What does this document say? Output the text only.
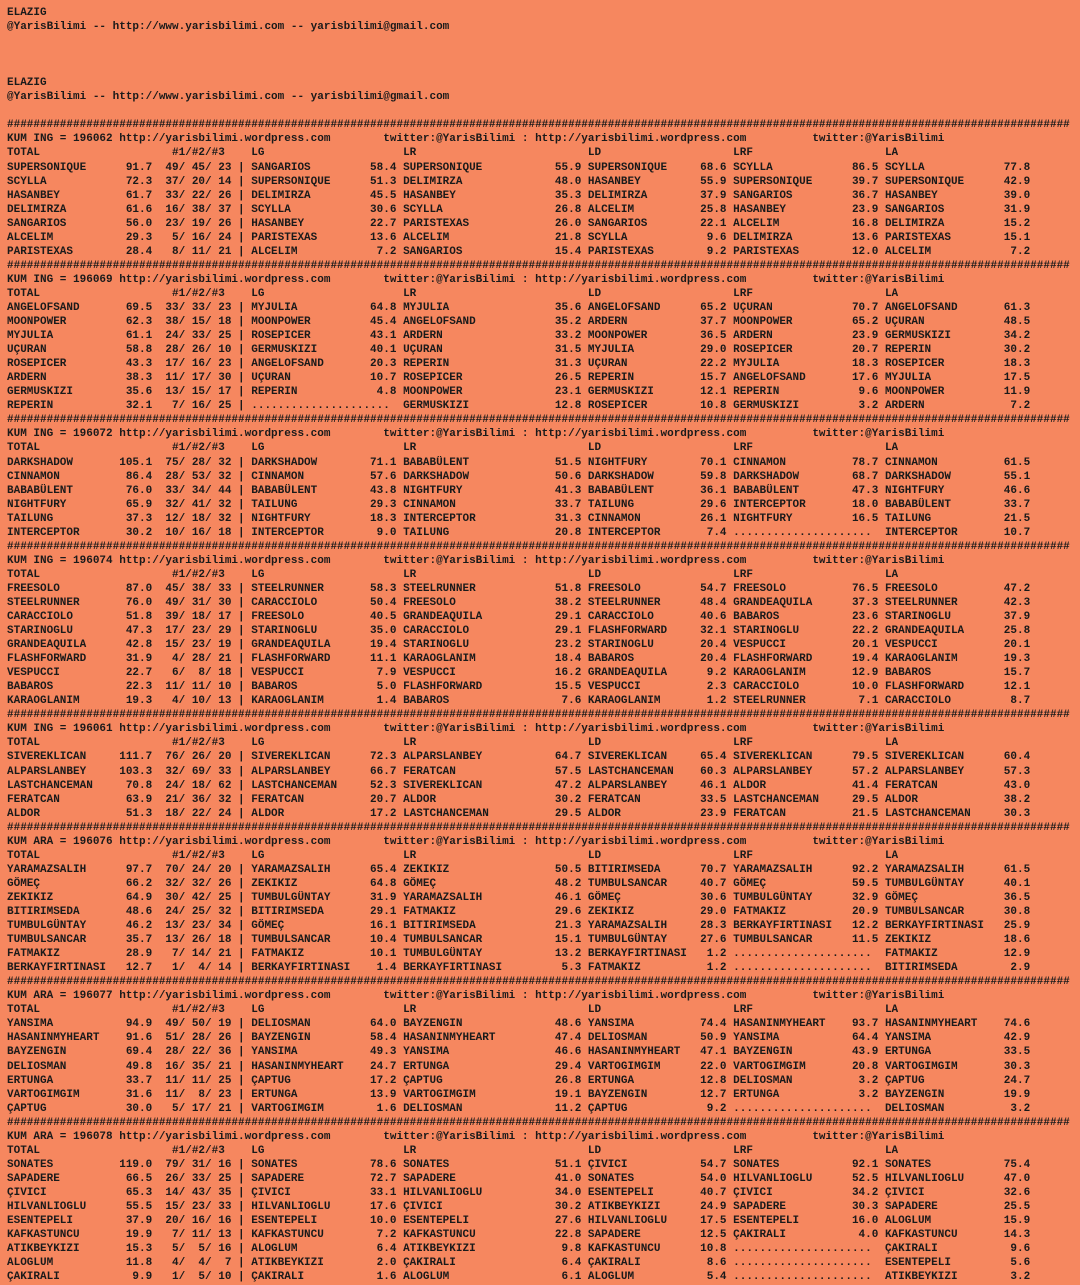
ELAZIG
@YarisBilimi -- http://www.yarisbilimi.com -- yarisbilimi@gmail.com
ELAZIG
@YarisBilimi -- http://www.yarisbilimi.com -- yarisbilimi@gmail.com
#################################################################################################################################################################
KUM ING = 196062 http://yarisbilimi.wordpress.com        twitter:@YarisBilimi : http://yarisbilimi.wordpress.com          twitter:@YarisBilimi
TOTAL                    #1/#2/#3    LG                     LR                          LD                    LRF                    LA
SUPERSONIQUE      91.7  49/ 45/ 23 | SANGARIOS         58.4 SUPERSONIQUE           55.9 SUPERSONIQUE     68.6 SCYLLA            86.5 SCYLLA            77.8
SCYLLA            72.3  37/ 20/ 14 | SUPERSONIQUE      51.3 DELIMIRZA              48.0 HASANBEY         55.9 SUPERSONIQUE      39.7 SUPERSONIQUE      42.9
HASANBEY          61.7  33/ 22/ 26 | DELIMIRZA         45.5 HASANBEY               35.3 DELIMIRZA        37.9 SANGARIOS         36.7 HASANBEY          39.0
DELIMIRZA         61.6  16/ 38/ 37 | SCYLLA            30.6 SCYLLA                 26.8 ALCELIM          25.8 HASANBEY          23.9 SANGARIOS         31.9
SANGARIOS         56.0  23/ 19/ 26 | HASANBEY          22.7 PARISTEXAS             26.0 SANGARIOS        22.1 ALCELIM           16.8 DELIMIRZA         15.2
ALCELIM           29.3   5/ 16/ 24 | PARISTEXAS        13.6 ALCELIM                21.8 SCYLLA            9.6 DELIMIRZA         13.6 PARISTEXAS        15.1
PARISTEXAS        28.4   8/ 11/ 21 | ALCELIM            7.2 SANGARIOS              15.4 PARISTEXAS        9.2 PARISTEXAS        12.0 ALCELIM            7.2
#################################################################################################################################################################
KUM ING = 196069 http://yarisbilimi.wordpress.com        twitter:@YarisBilimi : http://yarisbilimi.wordpress.com          twitter:@YarisBilimi
TOTAL                    #1/#2/#3    LG                     LR                          LD                    LRF                    LA
ANGELOFSAND       69.5  33/ 33/ 23 | MYJULIA           64.8 MYJULIA                35.6 ANGELOFSAND      65.2 UÇURAN            70.7 ANGELOFSAND       61.3
MOONPOWER         62.3  38/ 15/ 18 | MOONPOWER         45.4 ANGELOFSAND            35.2 ARDERN           37.7 MOONPOWER         65.2 UÇURAN            48.5
MYJULIA           61.1  24/ 33/ 25 | ROSEPICER         43.1 ARDERN                 33.2 MOONPOWER        36.5 ARDERN            23.9 GERMUSKIZI        34.2
UÇURAN            58.8  28/ 26/ 10 | GERMUSKIZI        40.1 UÇURAN                 31.5 MYJULIA          29.0 ROSEPICER         20.7 REPERIN           30.2
ROSEPICER         43.3  17/ 16/ 23 | ANGELOFSAND       20.3 REPERIN                31.3 UÇURAN           22.2 MYJULIA           18.3 ROSEPICER         18.3
ARDERN            38.3  11/ 17/ 30 | UÇURAN            10.7 ROSEPICER              26.5 REPERIN          15.7 ANGELOFSAND       17.6 MYJULIA           17.5
GERMUSKIZI        35.6  13/ 15/ 17 | REPERIN            4.8 MOONPOWER              23.1 GERMUSKIZI       12.1 REPERIN            9.6 MOONPOWER         11.9
REPERIN           32.1   7/ 16/ 25 | .....................  GERMUSKIZI             12.8 ROSEPICER        10.8 GERMUSKIZI         3.2 ARDERN             7.2
#################################################################################################################################################################
KUM ING = 196072 http://yarisbilimi.wordpress.com        twitter:@YarisBilimi : http://yarisbilimi.wordpress.com          twitter:@YarisBilimi
TOTAL                    #1/#2/#3    LG                     LR                          LD                    LRF                    LA
DARKSHADOW       105.1  75/ 28/ 32 | DARKSHADOW        71.1 BABABÜLENT             51.5 NIGHTFURY        70.1 CINNAMON          78.7 CINNAMON          61.5
CINNAMON          86.4  28/ 53/ 32 | CINNAMON          57.6 DARKSHADOW             50.6 DARKSHADOW       59.8 DARKSHADOW        68.7 DARKSHADOW        55.1
BABABÜLENT        76.0  33/ 34/ 44 | BABABÜLENT        43.8 NIGHTFURY              41.3 BABABÜLENT       36.1 BABABÜLENT        47.3 NIGHTFURY         46.6
NIGHTFURY         65.9  32/ 41/ 32 | TAILUNG           29.3 CINNAMON               33.7 TAILUNG          29.6 INTERCEPTOR       18.0 BABABÜLENT        33.7
TAILUNG           37.3  12/ 18/ 32 | NIGHTFURY         18.3 INTERCEPTOR            31.3 CINNAMON         26.1 NIGHTFURY         16.5 TAILUNG           21.5
INTERCEPTOR       30.2  10/ 16/ 18 | INTERCEPTOR        9.0 TAILUNG                20.8 INTERCEPTOR       7.4 .....................  INTERCEPTOR       10.7
#################################################################################################################################################################
KUM ING = 196074 http://yarisbilimi.wordpress.com        twitter:@YarisBilimi : http://yarisbilimi.wordpress.com          twitter:@YarisBilimi
TOTAL                    #1/#2/#3    LG                     LR                          LD                    LRF                    LA
FREESOLO          87.0  45/ 38/ 33 | STEELRUNNER       58.3 STEELRUNNER            51.8 FREESOLO         54.7 FREESOLO          76.5 FREESOLO          47.2
STEELRUNNER       76.0  49/ 31/ 30 | CARACCIOLO        50.4 FREESOLO               38.2 STEELRUNNER      48.4 GRANDEAQUILA      37.3 STEELRUNNER       42.3
CARACCIOLO        51.8  39/ 18/ 17 | FREESOLO          40.5 GRANDEAQUILA           29.1 CARACCIOLO       40.6 BABAROS           23.6 STARINOGLU        37.9
STARINOGLU        47.3  17/ 23/ 29 | STARINOGLU        35.0 CARACCIOLO             29.1 FLASHFORWARD     32.1 STARINOGLU        22.2 GRANDEAQUILA      25.8
GRANDEAQUILA      42.8  15/ 23/ 19 | GRANDEAQUILA      19.4 STARINOGLU             23.2 STARINOGLU       20.4 VESPUCCI          20.1 VESPUCCI          20.1
FLASHFORWARD      31.9   4/ 28/ 21 | FLASHFORWARD      11.1 KARAOGLANIM            18.4 BABAROS          20.4 FLASHFORWARD      19.4 KARAOGLANIM       19.3
VESPUCCI          22.7   6/  8/ 18 | VESPUCCI           7.9 VESPUCCI               16.2 GRANDEAQUILA      9.2 KARAOGLANIM       12.9 BABAROS           15.7
BABAROS           22.3  11/ 11/ 10 | BABAROS            5.0 FLASHFORWARD           15.5 VESPUCCI          2.3 CARACCIOLO        10.0 FLASHFORWARD      12.1
KARAOGLANIM       19.3   4/ 10/ 13 | KARAOGLANIM        1.4 BABAROS                 7.6 KARAOGLANIM       1.2 STEELRUNNER        7.1 CARACCIOLO         8.7
#################################################################################################################################################################
KUM ING = 196061 http://yarisbilimi.wordpress.com        twitter:@YarisBilimi : http://yarisbilimi.wordpress.com          twitter:@YarisBilimi
TOTAL                    #1/#2/#3    LG                     LR                          LD                    LRF                    LA
SIVEREKLICAN     111.7  76/ 26/ 20 | SIVEREKLICAN      72.3 ALPARSLANBEY           64.7 SIVEREKLICAN     65.4 SIVEREKLICAN      79.5 SIVEREKLICAN      60.4
ALPARSLANBEY     103.3  32/ 69/ 33 | ALPARSLANBEY      66.7 FERATCAN               57.5 LASTCHANCEMAN    60.3 ALPARSLANBEY      57.2 ALPARSLANBEY      57.3
LASTCHANCEMAN     70.8  24/ 18/ 62 | LASTCHANCEMAN     52.3 SIVEREKLICAN           47.2 ALPARSLANBEY     46.1 ALDOR             41.4 FERATCAN          43.0
FERATCAN          63.9  21/ 36/ 32 | FERATCAN          20.7 ALDOR                  30.2 FERATCAN         33.5 LASTCHANCEMAN     29.5 ALDOR             38.2
ALDOR             51.3  18/ 22/ 24 | ALDOR             17.2 LASTCHANCEMAN          29.5 ALDOR            23.9 FERATCAN          21.5 LASTCHANCEMAN     30.3
#################################################################################################################################################################
KUM ARA = 196076 http://yarisbilimi.wordpress.com        twitter:@YarisBilimi : http://yarisbilimi.wordpress.com          twitter:@YarisBilimi
TOTAL                    #1/#2/#3    LG                     LR                          LD                    LRF                    LA
YARAMAZSALIH      97.7  70/ 24/ 20 | YARAMAZSALIH      65.4 ZEKIKIZ                50.5 BITIRIMSEDA      70.7 YARAMAZSALIH      92.2 YARAMAZSALIH      61.5
GÖMEÇ             66.2  32/ 32/ 26 | ZEKIKIZ           64.8 GÖMEÇ                  48.2 TUMBULSANCAR     40.7 GÖMEÇ             59.5 TUMBULGÜNTAY      40.1
ZEKIKIZ           64.9  30/ 42/ 25 | TUMBULGÜNTAY      31.9 YARAMAZSALIH           46.1 GÖMEÇ            30.6 TUMBULGÜNTAY      32.9 GÖMEÇ             36.5
BITIRIMSEDA       48.6  24/ 25/ 32 | BITIRIMSEDA       29.1 FATMAKIZ               29.6 ZEKIKIZ          29.0 FATMAKIZ          20.9 TUMBULSANCAR      30.8
TUMBULGÜNTAY      46.2  13/ 23/ 34 | GÖMEÇ             16.1 BITIRIMSEDA            21.3 YARAMAZSALIH     28.3 BERKAYFIRTINASI   12.2 BERKAYFIRTINASI   25.9
TUMBULSANCAR      35.7  13/ 26/ 18 | TUMBULSANCAR      10.4 TUMBULSANCAR           15.1 TUMBULGÜNTAY     27.6 TUMBULSANCAR      11.5 ZEKIKIZ           18.6
FATMAKIZ          28.9   7/ 14/ 21 | FATMAKIZ          10.1 TUMBULGÜNTAY           13.2 BERKAYFIRTINASI   1.2 .....................  FATMAKIZ          12.9
BERKAYFIRTINASI   12.7   1/  4/ 14 | BERKAYFIRTINASI    1.4 BERKAYFIRTINASI         5.3 FATMAKIZ          1.2 .....................  BITIRIMSEDA        2.9
#################################################################################################################################################################
KUM ARA = 196077 http://yarisbilimi.wordpress.com        twitter:@YarisBilimi : http://yarisbilimi.wordpress.com          twitter:@YarisBilimi
TOTAL                    #1/#2/#3    LG                     LR                          LD                    LRF                    LA
YANSIMA           94.9  49/ 50/ 19 | DELIOSMAN         64.0 BAYZENGIN              48.6 YANSIMA          74.4 HASANINMYHEART    93.7 HASANINMYHEART    74.6
HASANINMYHEART    91.6  51/ 28/ 26 | BAYZENGIN         58.4 HASANINMYHEART         47.4 DELIOSMAN        50.9 YANSIMA           64.4 YANSIMA           42.9
BAYZENGIN         69.4  28/ 22/ 36 | YANSIMA           49.3 YANSIMA                46.6 HASANINMYHEART   47.1 BAYZENGIN         43.9 ERTUNGA           33.5
DELIOSMAN         49.8  16/ 35/ 21 | HASANINMYHEART    24.7 ERTUNGA                29.4 VARTOGIMGIM      22.0 VARTOGIMGIM       20.8 VARTOGIMGIM       30.3
ERTUNGA           33.7  11/ 11/ 25 | ÇAPTUG            17.2 ÇAPTUG                 26.8 ERTUNGA          12.8 DELIOSMAN          3.2 ÇAPTUG            24.7
VARTOGIMGIM       31.6  11/  8/ 23 | ERTUNGA           13.9 VARTOGIMGIM            19.1 BAYZENGIN        12.7 ERTUNGA            3.2 BAYZENGIN         19.9
ÇAPTUG            30.0   5/ 17/ 21 | VARTOGIMGIM        1.6 DELIOSMAN              11.2 ÇAPTUG            9.2 .....................  DELIOSMAN          3.2
#################################################################################################################################################################
KUM ARA = 196078 http://yarisbilimi.wordpress.com        twitter:@YarisBilimi : http://yarisbilimi.wordpress.com          twitter:@YarisBilimi
TOTAL                    #1/#2/#3    LG                     LR                          LD                    LRF                    LA
SONATES          119.0  79/ 31/ 16 | SONATES           78.6 SONATES                51.1 ÇIVICI           54.7 SONATES           92.1 SONATES           75.4
SAPADERE          66.5  26/ 33/ 25 | SAPADERE          72.7 SAPADERE               41.0 SONATES          54.0 HILVANLIOGLU      52.5 HILVANLIOGLU      47.0
ÇIVICI            65.3  14/ 43/ 35 | ÇIVICI            33.1 HILVANLIOGLU           34.0 ESENTEPELI       40.7 ÇIVICI            34.2 ÇIVICI            32.6
HILVANLIOGLU      55.5  15/ 23/ 33 | HILVANLIOGLU      17.6 ÇIVICI                 30.2 ATIKBEYKIZI      24.9 SAPADERE          30.3 SAPADERE          25.5
ESENTEPELI        37.9  20/ 16/ 16 | ESENTEPELI        10.0 ESENTEPELI             27.6 HILVANLIOGLU     17.5 ESENTEPELI        16.0 ALOGLUM           15.9
KAFKASTUNCU       19.9   7/ 11/ 13 | KAFKASTUNCU        7.2 KAFKASTUNCU            22.8 SAPADERE         12.5 ÇAKIRALI           4.0 KAFKASTUNCU       14.3
ATIKBEYKIZI       15.3   5/  5/ 16 | ALOGLUM            6.4 ATIKBEYKIZI             9.8 KAFKASTUNCU      10.8 .....................  ÇAKIRALI           9.6
ALOGLUM           11.8   4/  4/  7 | ATIKBEYKIZI        2.0 ÇAKIRALI                6.4 ÇAKIRALI          8.6 .....................  ESENTEPELI         5.6
ÇAKIRALI           9.9   1/  5/ 10 | ÇAKIRALI           1.6 ALOGLUM                 6.1 ALOGLUM           5.4 .....................  ATIKBEYKIZI        3.2
